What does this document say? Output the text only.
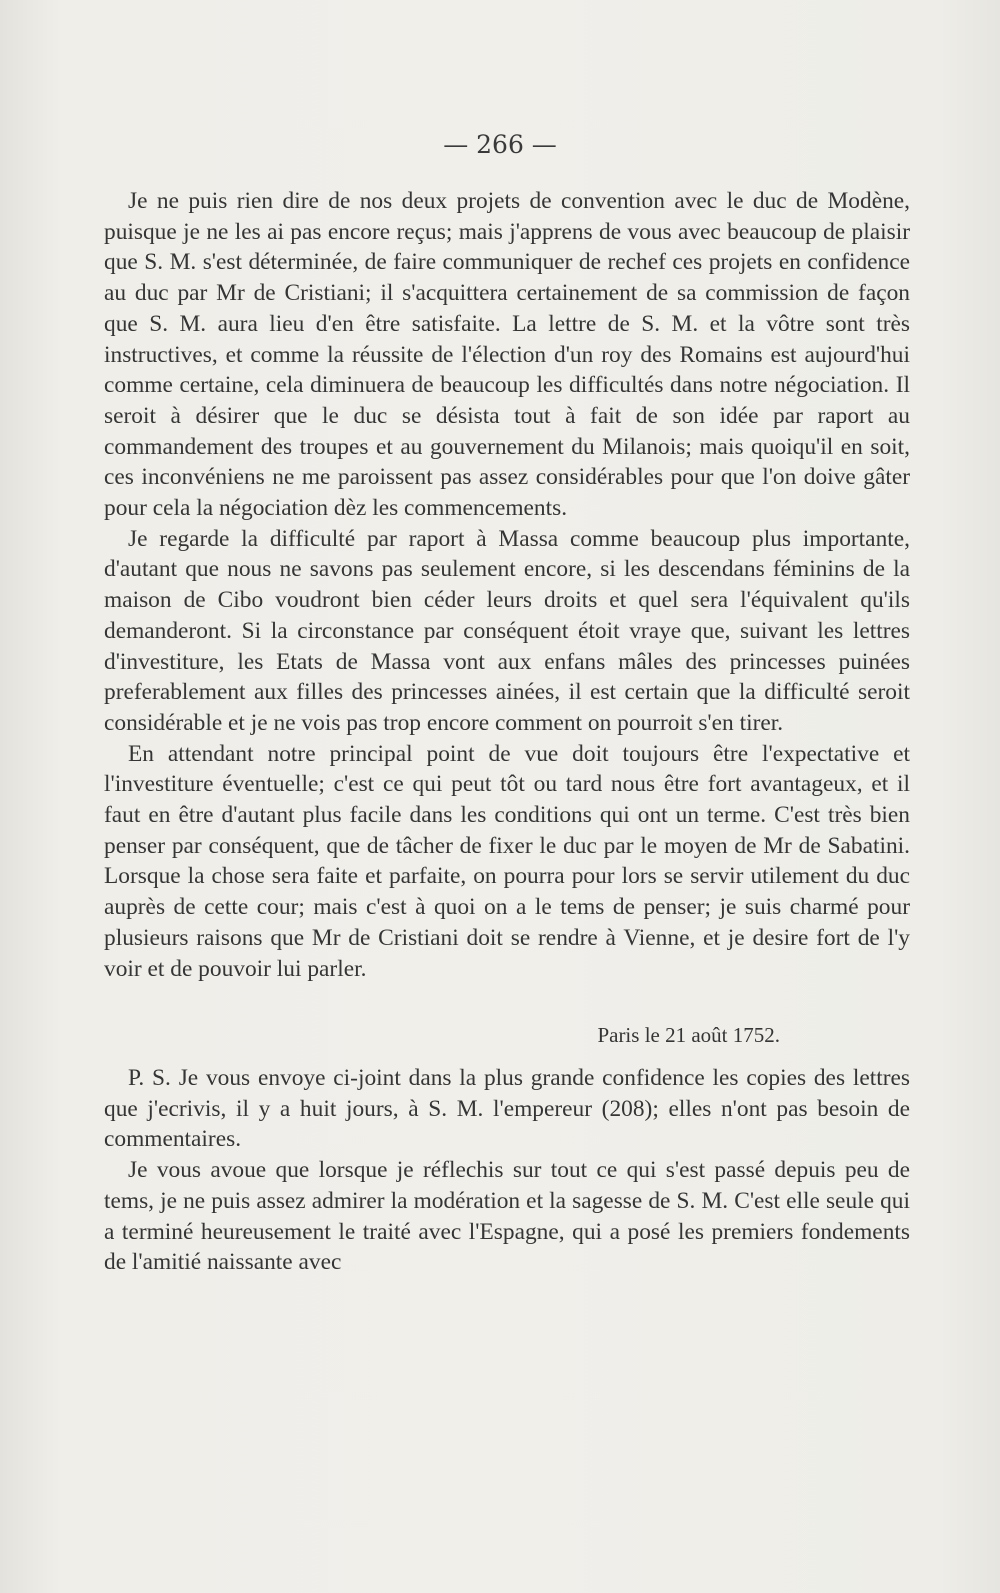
— 266 —

Je ne puis rien dire de nos deux projets de convention avec le duc de Modène, puisque je ne les ai pas encore reçus; mais j'apprens de vous avec beaucoup de plaisir que S. M. s'est déterminée, de faire communiquer de rechef ces projets en confidence au duc par Mr de Cristiani; il s'acquittera certainement de sa commission de façon que S. M. aura lieu d'en être satisfaite. La lettre de S. M. et la vôtre sont très instructives, et comme la réussite de l'élection d'un roy des Romains est aujourd'hui comme certaine, cela diminuera de beaucoup les difficultés dans notre négociation. Il seroit à désirer que le duc se désista tout à fait de son idée par raport au commandement des troupes et au gouvernement du Milanois; mais quoiqu'il en soit, ces inconvéniens ne me paroissent pas assez considérables pour que l'on doive gâter pour cela la négociation dèz les commencements.

Je regarde la difficulté par raport à Massa comme beaucoup plus importante, d'autant que nous ne savons pas seulement encore, si les descendans féminins de la maison de Cibo voudront bien céder leurs droits et quel sera l'équivalent qu'ils demanderont. Si la circonstance par conséquent étoit vraye que, suivant les lettres d'investiture, les Etats de Massa vont aux enfans mâles des princesses puinées preferablement aux filles des princesses ainées, il est certain que la difficulté seroit considérable et je ne vois pas trop encore comment on pourroit s'en tirer.

En attendant notre principal point de vue doit toujours être l'expectative et l'investiture éventuelle; c'est ce qui peut tôt ou tard nous être fort avantageux, et il faut en être d'autant plus facile dans les conditions qui ont un terme. C'est très bien penser par conséquent, que de tâcher de fixer le duc par le moyen de Mr de Sabatini. Lorsque la chose sera faite et parfaite, on pourra pour lors se servir utilement du duc auprès de cette cour; mais c'est à quoi on a le tems de penser; je suis charmé pour plusieurs raisons que Mr de Cristiani doit se rendre à Vienne, et je desire fort de l'y voir et de pouvoir lui parler.

Paris le 21 août 1752.

P. S. Je vous envoye ci-joint dans la plus grande confidence les copies des lettres que j'ecrivis, il y a huit jours, à S. M. l'empereur (208); elles n'ont pas besoin de commentaires.

Je vous avoue que lorsque je réflechis sur tout ce qui s'est passé depuis peu de tems, je ne puis assez admirer la modération et la sagesse de S. M. C'est elle seule qui a terminé heureusement le traité avec l'Espagne, qui a posé les premiers fondements de l'amitié naissante avec
